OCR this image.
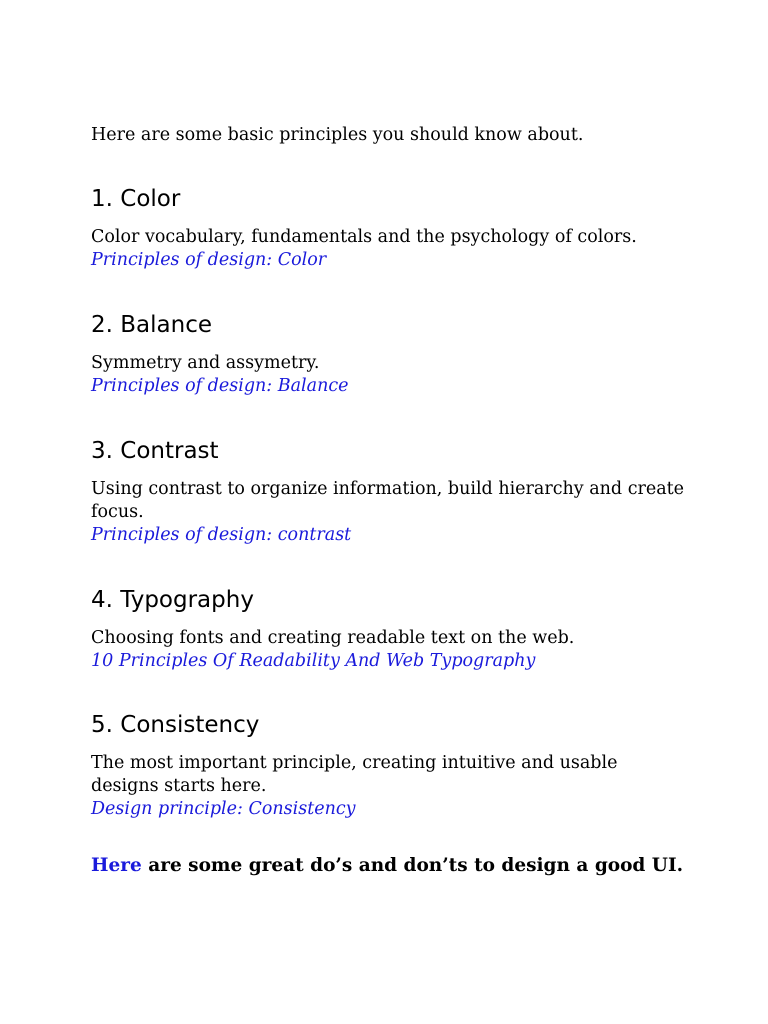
Here are some basic principles you should know about.
1. Color
Color vocabulary, fundamentals and the psychology of colors.
Principles of design: Color
2. Balance
Symmetry and assymetry.
Principles of design: Balance
3. Contrast
Using contrast to organize information, build hierarchy and create focus.
Principles of design: contrast
4. Typography
Choosing fonts and creating readable text on the web.
10 Principles Of Readability And Web Typography
5. Consistency
The most important principle, creating intuitive and usable designs starts here.
Design principle: Consistency
Here are some great do’s and don’ts to design a good UI.
